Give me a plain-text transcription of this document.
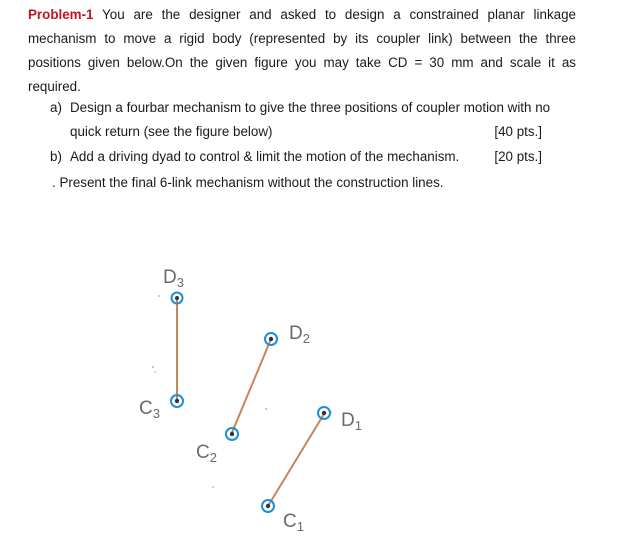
Problem-1 You are the designer and asked to design a constrained planar linkage mechanism to move a rigid body (represented by its coupler link) between the three positions given below.On the given figure you may take CD = 30 mm and scale it as required.
a) Design a fourbar mechanism to give the three positions of coupler motion with no
quick return (see the figure below)	[40 pts.]
b) Add a driving dyad to control & limit the motion of the mechanism.	[20 pts.]
. Present the final 6-link mechanism without the construction lines.
$D_3$
$C_3$
$D_2$
$C_2$
$D_1$
$C_1$
